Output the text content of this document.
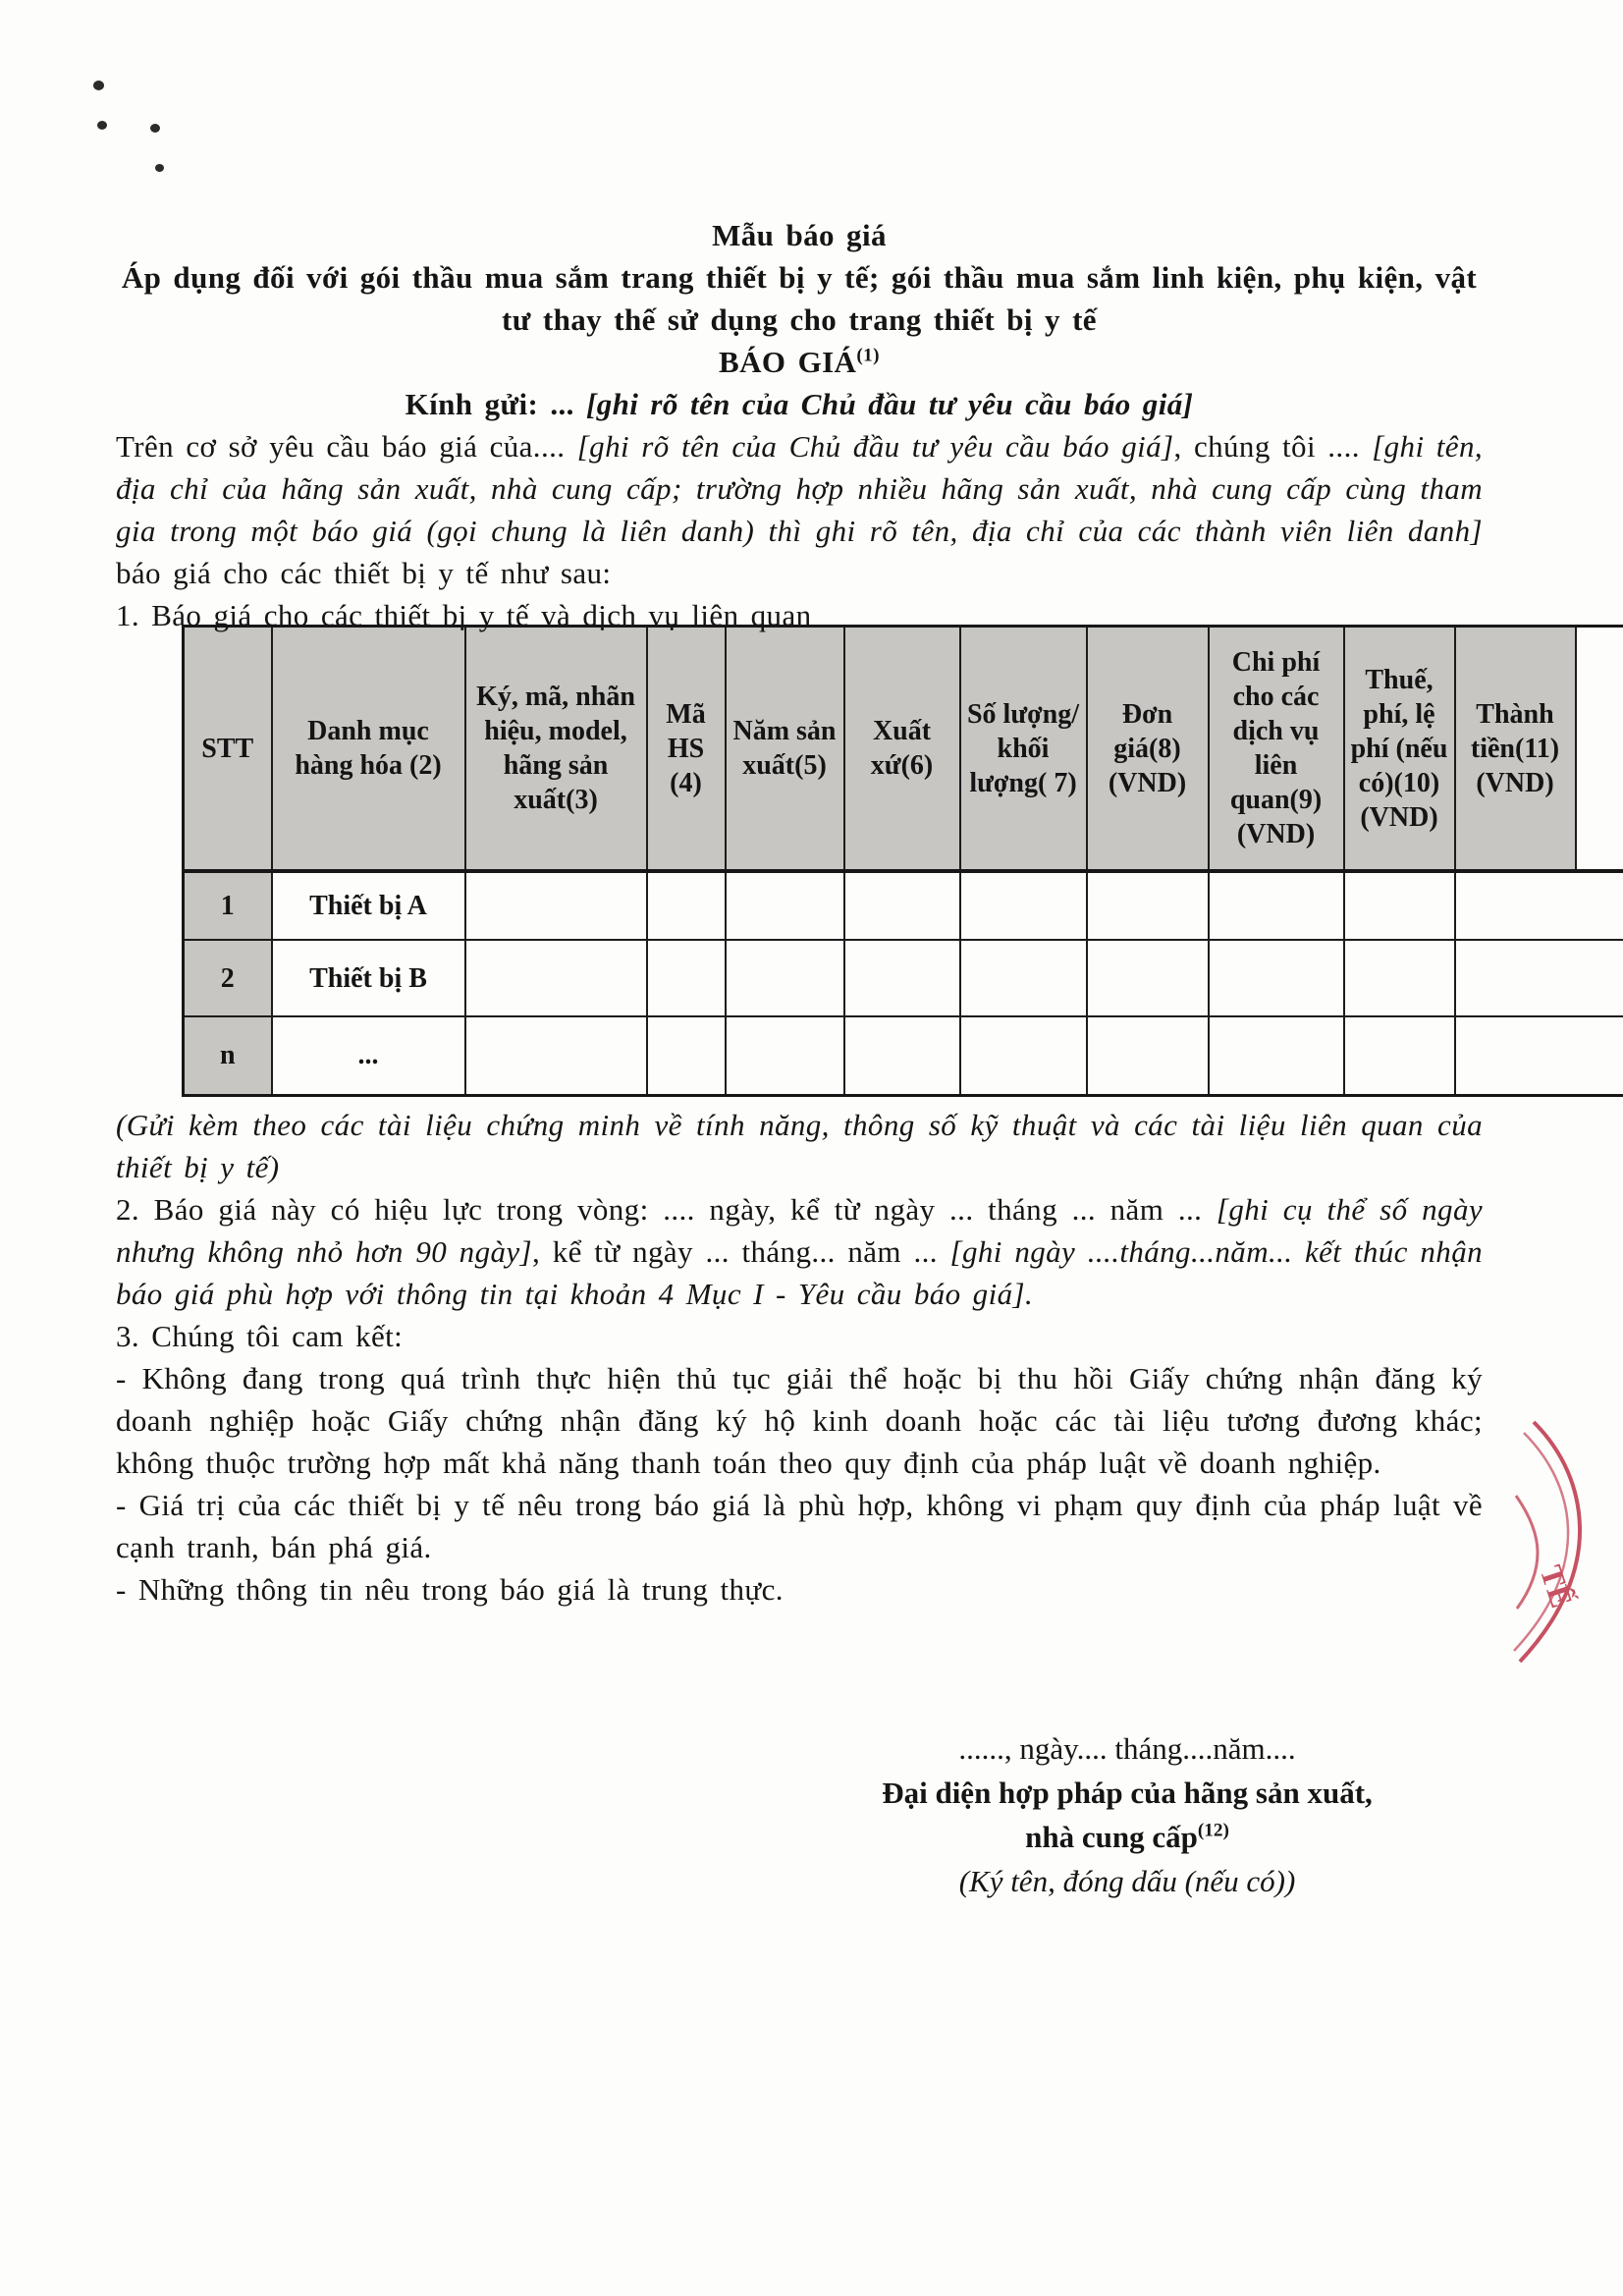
Mẫu báo giá

Áp dụng đối với gói thầu mua sắm trang thiết bị y tế; gói thầu mua sắm linh kiện, phụ kiện, vật tư thay thế sử dụng cho trang thiết bị y tế

BÁO GIÁ$^{(1)}$

Kính gửi: ... [ghi rõ tên của Chủ đầu tư yêu cầu báo giá]

Trên cơ sở yêu cầu báo giá của.... [ghi rõ tên của Chủ đầu tư yêu cầu báo giá], chúng tôi .... [ghi tên, địa chỉ của hãng sản xuất, nhà cung cấp; trường hợp nhiều hãng sản xuất, nhà cung cấp cùng tham gia trong một báo giá (gọi chung là liên danh) thì ghi rõ tên, địa chỉ của các thành viên liên danh] báo giá cho các thiết bị y tế như sau:

1. Báo giá cho các thiết bị y tế và dịch vụ liên quan

STT	Danh mục hàng hóa (2)	Ký, mã, nhãn hiệu, model, hãng sản xuất(3)	Mã HS (4)	Năm sản xuất(5)	Xuất xứ(6)	Số lượng/ khối lượng( 7)	Đơn giá(8) (VND)	Chi phí cho các dịch vụ liên quan(9) (VND)	Thuế, phí, lệ phí (nếu có)(10) (VND)	Thành tiền(11) (VND)	
1	Thiết bị A										
2	Thiết bị B										
n	...										

(Gửi kèm theo các tài liệu chứng minh về tính năng, thông số kỹ thuật và các tài liệu liên quan của thiết bị y tế)

2. Báo giá này có hiệu lực trong vòng: .... ngày, kể từ ngày ... tháng ... năm ... [ghi cụ thể số ngày nhưng không nhỏ hơn 90 ngày], kể từ ngày ... tháng... năm ... [ghi ngày ....tháng...năm... kết thúc nhận báo giá phù hợp với thông tin tại khoản 4 Mục I - Yêu cầu báo giá].

3. Chúng tôi cam kết:

- Không đang trong quá trình thực hiện thủ tục giải thể hoặc bị thu hồi Giấy chứng nhận đăng ký doanh nghiệp hoặc Giấy chứng nhận đăng ký hộ kinh doanh hoặc các tài liệu tương đương khác; không thuộc trường hợp mất khả năng thanh toán theo quy định của pháp luật về doanh nghiệp.

- Giá trị của các thiết bị y tế nêu trong báo giá là phù hợp, không vi phạm quy định của pháp luật về cạnh tranh, bán phá giá.

- Những thông tin nêu trong báo giá là trung thực.

......, ngày.... tháng....năm....

Đại diện hợp pháp của hãng sản xuất,

nhà cung cấp$^{(12)}$

(Ký tên, đóng dấu (nếu có))

TẾ
